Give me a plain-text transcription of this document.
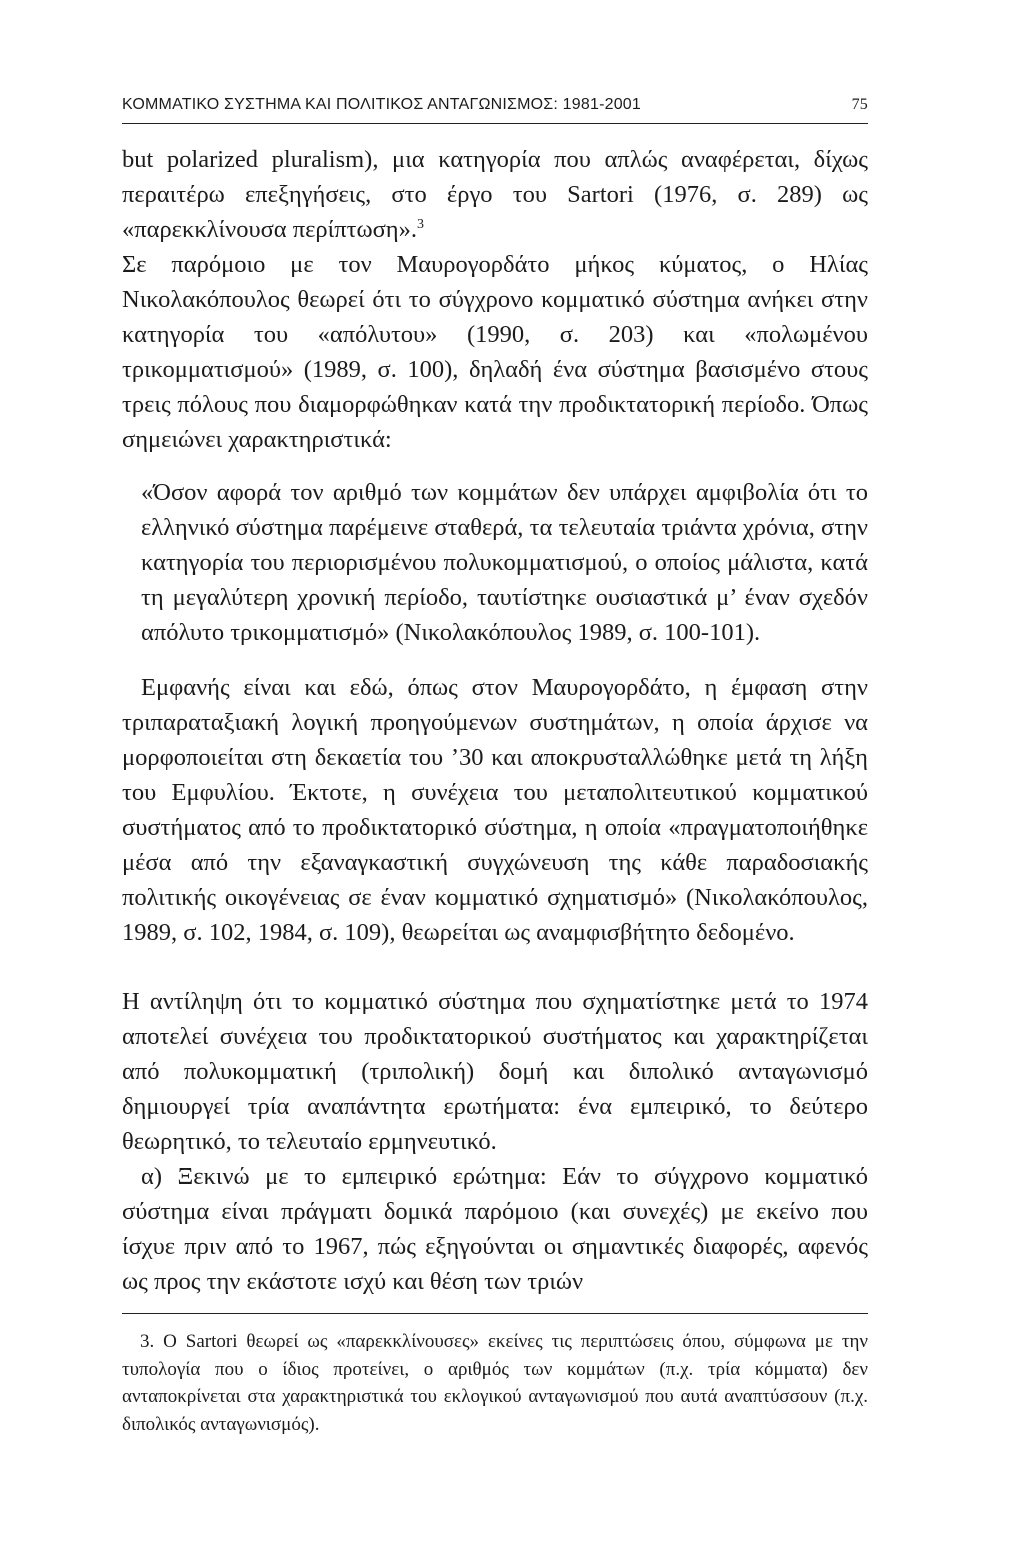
ΚΟΜΜΑΤΙΚΟ ΣΥΣΤΗΜΑ ΚΑΙ ΠΟΛΙΤΙΚΟΣ ΑΝΤΑΓΩΝΙΣΜΟΣ: 1981-2001	75

but polarized pluralism), μια κατηγορία που απλώς αναφέρεται, δίχως περαιτέρω επεξηγήσεις, στο έργο του Sartori (1976, σ. 289) ως «παρεκκλίνουσα περίπτωση».$^3$

Σε παρόμοιο με τον Μαυρογορδάτο μήκος κύματος, ο Ηλίας Νικολακόπουλος θεωρεί ότι το σύγχρονο κομματικό σύστημα ανήκει στην κατηγορία του «απόλυτου» (1990, σ. 203) και «πολωμένου τρικομματισμού» (1989, σ. 100), δηλαδή ένα σύστημα βασισμένο στους τρεις πόλους που διαμορφώθηκαν κατά την προδικτατορική περίοδο. Όπως σημειώνει χαρακτηριστικά:

«Όσον αφορά τον αριθμό των κομμάτων δεν υπάρχει αμφιβολία ότι το ελληνικό σύστημα παρέμεινε σταθερά, τα τελευταία τριάντα χρόνια, στην κατηγορία του περιορισμένου πολυκομματισμού, ο οποίος μάλιστα, κατά τη μεγαλύτερη χρονική περίοδο, ταυτίστηκε ουσιαστικά μ’ έναν σχεδόν απόλυτο τρικομματισμό» (Νικολακόπουλος 1989, σ. 100-101).

Εμφανής είναι και εδώ, όπως στον Μαυρογορδάτο, η έμφαση στην τριπαραταξιακή λογική προηγούμενων συστημάτων, η οποία άρχισε να μορφοποιείται στη δεκαετία του ’30 και αποκρυσταλλώθηκε μετά τη λήξη του Εμφυλίου. Έκτοτε, η συνέχεια του μεταπολιτευτικού κομματικού συστήματος από το προδικτατορικό σύστημα, η οποία «πραγματοποιήθηκε μέσα από την εξαναγκαστική συγχώνευση της κάθε παραδοσιακής πολιτικής οικογένειας σε έναν κομματικό σχηματισμό» (Νικολακόπουλος, 1989, σ. 102, 1984, σ. 109), θεωρείται ως αναμφισβήτητο δεδομένο.

Η αντίληψη ότι το κομματικό σύστημα που σχηματίστηκε μετά το 1974 αποτελεί συνέχεια του προδικτατορικού συστήματος και χαρακτηρίζεται από πολυκομματική (τριπολική) δομή και διπολικό ανταγωνισμό δημιουργεί τρία αναπάντητα ερωτήματα: ένα εμπειρικό, το δεύτερο θεωρητικό, το τελευταίο ερμηνευτικό.

α) Ξεκινώ με το εμπειρικό ερώτημα: Εάν το σύγχρονο κομματικό σύστημα είναι πράγματι δομικά παρόμοιο (και συνεχές) με εκείνο που ίσχυε πριν από το 1967, πώς εξηγούνται οι σημαντικές διαφορές, αφενός ως προς την εκάστοτε ισχύ και θέση των τριών

3. Ο Sartori θεωρεί ως «παρεκκλίνουσες» εκείνες τις περιπτώσεις όπου, σύμφωνα με την τυπολογία που ο ίδιος προτείνει, ο αριθμός των κομμάτων (π.χ. τρία κόμματα) δεν ανταποκρίνεται στα χαρακτηριστικά του εκλογικού ανταγωνισμού που αυτά αναπτύσσουν (π.χ. διπολικός ανταγωνισμός).
